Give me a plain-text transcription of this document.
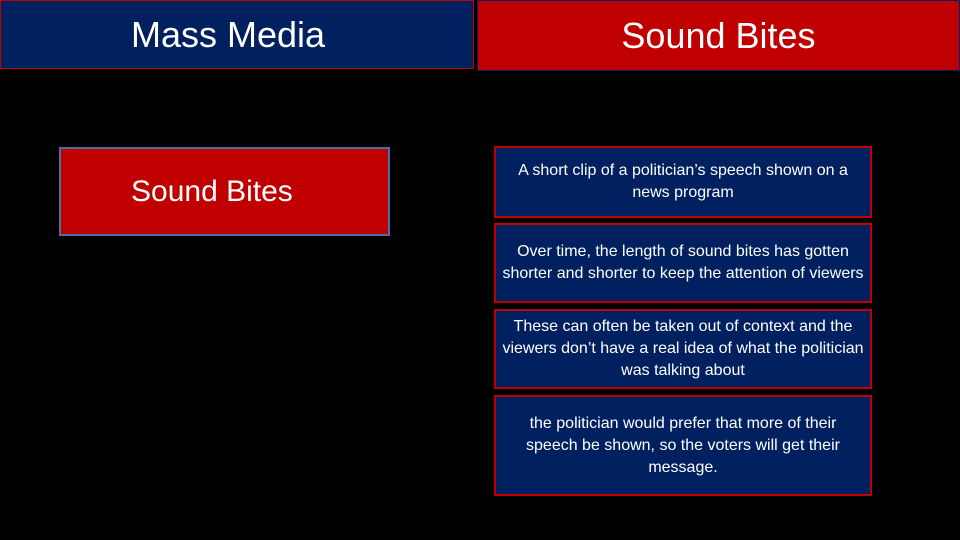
Mass Media	Sound Bites
Sound Bites
A short clip of a politician’s speech shown on a news program
Over time, the length of sound bites has gotten shorter and shorter to keep the attention of viewers
These can often be taken out of context and the viewers don’t have a real idea of what the politician was talking about
the politician would prefer that more of their speech be shown, so the voters will get their message.
